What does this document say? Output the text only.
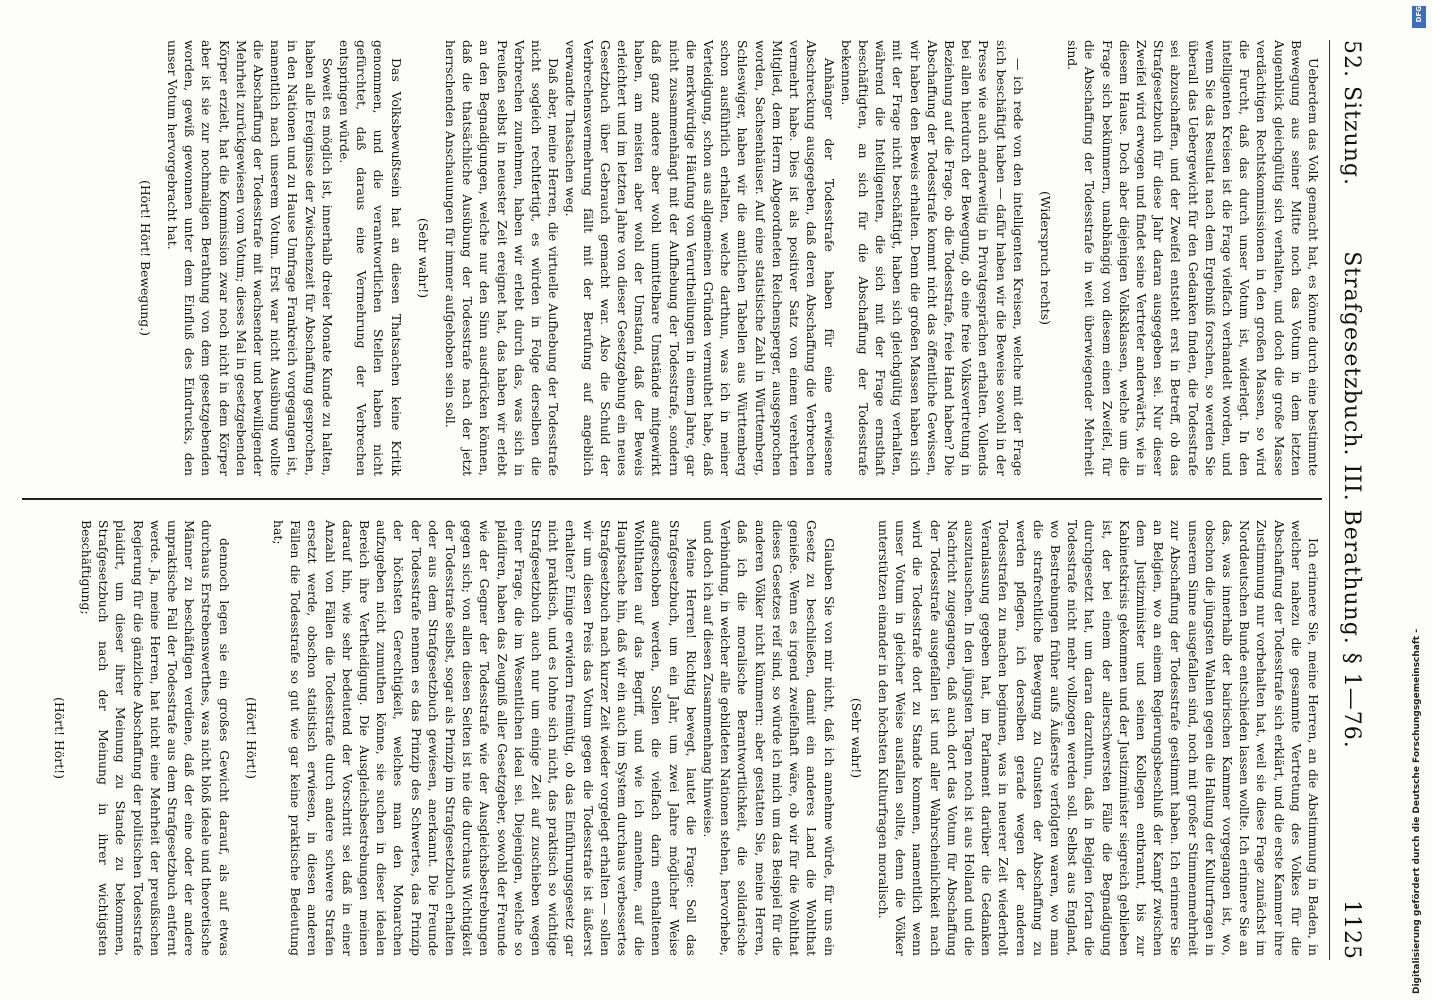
52. Sitzung.
Strafgesetzbuch. III. Berathung. § 1—76.
1125

Ueberdem das Volk gemacht hat, es könne durch eine bestimmte Bewegung aus seiner Mitte noch das Votum in dem letzten Augenblick gleichgültig sich verhalten, und doch die große Masse verdächtigen Rechtskommissionen in den großen Massen, so wird die Furcht, daß das durch unser Votum ist, widerlegt. In den intelligenten Kreisen ist die Frage vielfach verhandelt worden, und wenn Sie das Resultat nach dem Ergebniß forschen, so werden Sie überall das Uebergewicht für den Gedanken finden, die Todesstrafe sei abzuschaffen, und der Zweifel entsteht erst in Betreff, ob das Strafgesetzbuch für diese Jahr daran ausgegeben sei. Nur dieser Zweifel wird erwogen und findet seine Vertreter anderwärts, wie in diesem Hause. Doch aber diejenigen Volksklassen, welche um die Frage sich bekümmern, unabhängig von diesem einen Zweifel, für die Abschaffung der Todesstrafe in weit überwiegender Mehrheit sind.

(Widerspruch rechts)

— ich rede von den intelligenten Kreisen, welche mit der Frage sich beschäftigt haben — dafür haben wir die Beweise sowohl in der Presse wie auch anderweitig in Privatgesprächen erhalten. Vollends bei allen hierdurch der Bewegung, ob eine freie Volksvertretung in Beziehung auf die Frage, ob die Todesstrafe, freie Hand haben? Die Abschaffung der Todesstrafe kommt nicht das öffentliche Gewissen, wir haben den Beweis erhalten. Denn die großen Massen haben sich mit der Frage nicht beschäftigt, haben sich gleichgültig verhalten, während die Intelligenten, die sich mit der Frage ernsthaft beschäftigten, an sich für die Abschaffung der Todesstrafe bekennen.

Anhänger der Todesstrafe haben für eine erwiesene Abschreckung ausgegeben, daß deren Abschaffung die Verbrechen vermehrt habe. Dies ist als positiver Satz von einem verehrten Mitglied, dem Herrn Abgeordneten Reichensperger, ausgesprochen worden, Sachsenhäuser. Auf eine statistische Zahl in Württemberg, Schleswiger, haben wir die amtlichen Tabellen aus Württemberg schon ausführlich erhalten, welche darthun, was ich in meiner Verteidigung, schon aus allgemeinen Gründen vermuthet habe, daß die merkwürdige Häufung von Verurtheilungen in einem Jahre, gar nicht zusammenhängt mit der Aufhebung der Todesstrafe, sondern daß ganz andere aber wohl unmittelbare Umstände mitgewirkt haben, am meisten aber wohl der Umstand, daß der Beweis erleichtert und im letzten Jahre von dieser Gesetzgebung ein neues Gesetzbuch über Gebrauch gemacht war. Also die Schuld der Verbrechensvermehrung fällt mit der Berufung auf angeblich verwandte Thatsachen weg.

Daß aber, meine Herren, die virtuelle Aufhebung der Todesstrafe nicht sogleich rechtfertigt, es würden in Folge derselben die Verbrechen zunehmen, haben wir erlebt durch das, was sich in Preußen selbst in neuester Zeit ereignet hat, das haben wir erlebt an den Begnadigungen, welche nur den Sinn ausdrücken können, daß die thatsächliche Ausübung der Todesstrafe nach der jetzt herrschenden Anschauungen für immer aufgehoben sein soll.

(Sehr wahr!)

Das Volksbewußtsein hat an diesen Thatsachen keine Kritik genommen, und die verantwortlichen Stellen haben nicht gefürchtet, daß daraus eine Vermehrung der Verbrechen entspringen würde.

Soweit es möglich ist, innerhalb dreier Monate Kunde zu halten, haben alle Ereignisse der Zwischenzeit für Abschaffung gesprochen, in den Nationen und zu Hause Umfrage Frankreich vorgegangen ist, namentlich nach unserem Votum. Erst war nicht Ausübung wollte die Abschaffung der Todesstrafe mit wachsender und bewilligender Mehrheit zurückgewiesen vom Votum; dieses Mal in gesetzgebenden Körper erzielt, hat die Kommission zwar noch nicht in dem Körper aber ist sie zur nochmaligen Berathung von dem gesetzgebenden worden, gewiß gewonnen unter dem Einfluß des Eindrucks, den unser Votum hervorgebracht hat.

(Hört! Hört! Bewegung.)

Ich erinnere Sie, meine Herren, an die Abstimmung in Baden, in welcher nahezu die gesammte Vertretung des Volkes für die Abschaffung der Todesstrafe sich erklärt, und die erste Kammer ihre Zustimmung nur vorbehalten hat, weil sie diese Frage zunächst im Norddeutschen Bunde entschieden lassen wollte. Ich erinnere Sie an das, was innerhalb der bairischen Kammer vorgegangen ist, wo, obschon die jüngsten Wahlen gegen die Haltung der Kulturfragen in unserem Sinne ausgefallen sind, noch mit großer Stimmenmehrheit zur Abschaffung der Todesstrafe gestimmt haben. Ich erinnere Sie an Belgien, wo an einem Regierungsbeschluß der Kampf zwischen dem Justizminister und seinen Kollegen entbrannt, bis zur Kabinetskrisis gekommen und der Justizminister siegreich geblieben ist, der bei einem der allerschwersten Fälle die Begnadigung durchgesetzt hat, um daran darzuthun, daß in Belgien fortan die Todesstrafe nicht mehr vollzogen werden soll. Selbst aus England, wo Bestrebungen früher aufs Äußerste verfolgten waren, wo man die strafrechtliche Bewegung zu Gunsten der Abschaffung zu werden pflegen, ich derselben gerade wegen der anderen Todesstrafen zu machen beginnen, was in neuerer Zeit wiederholt Veranlassung gegeben hat, im Parlament darüber die Gedanken auszutauschen. In den jüngsten Tagen noch ist aus Holland und die Nachricht zugegangen, daß auch dort das Votum für Abschaffung der Todesstrafe ausgefallen ist und aller Wahrscheinlichkeit nach wird die Todesstrafe dort zu Stande kommen, namentlich wenn unser Votum in gleicher Weise ausfallen sollte, denn die Völker unterstützen einander in den höchsten Kulturfragen moralisch.

(Sehr wahr!)

Glauben Sie von mir nicht, daß ich annehme würde, für uns ein Gesetz zu beschließen, damit ein anderes Land die Wohlthat genieße. Wenn es irgend zweifelhaft wäre, ob wir für die Wohlthat dieses Gesetzes reif sind, so würde ich mich um das Beispiel für die anderen Völker nicht kümmern: aber gestatten Sie, meine Herren, daß ich die moralische Berantwortlichkeit, die solidarische Verbindung, in welcher alle gebildeten Nationen stehen, hervorhebe, und doch ich auf diesen Zusammenhang hinweise.

Meine Herren! Richtig bewegt, lautet die Frage: Soll das Strafgesetzbuch, um ein Jahr, um zwei Jahre möglicher Weise aufgeschoben werden, Sollen die vielfach darin enthaltenen Wohlthaten auf das Begriff, und wie ich annehme, auf die Hauptsache hin, daß wir ein auch im System durchaus verbessertes Strafgesetzbuch nach kurzer Zeit wieder vorgelegt erhalten — sollen wir um diesen Preis das Votum gegen die Todesstrafe ist äußerst erhalten? Einige erwidern freimütig, ob das Einführungsgesetz gar nicht praktisch, und es lohne sich nicht, das praktisch so wichtige Strafgesetzbuch auch nur um einige Zeit auf zuschieben wegen einer Frage, die im Wesentlichen ideal sei. Diejenigen, welche so plaidiren, haben das Zeugniß aller Gesetzgeber, sowohl der Freunde wie der Gegner der Todesstrafe wie der Ausgleichsbestrebungen gegen sich; von allen diesen Seiten ist nie die durchaus Wichtigkeit der Todesstrafe selbst, sogar als Prinzip im Strafgesetzbuch erhalten oder aus dem Strafgesetzbuch gewiesen, anerkannt. Die Freunde der Todesstrafe nennen es das Prinzip des Schwertes, das Prinzip der höchsten Gerechtigkeit, welches man den Monarchen aufzugeben nicht zumuthen könne, sie suchen in dieser idealen Bereich ihre Vertheidigung. Die Ausgleichsbestrebungen meinen darauf hin, wie sehr bedeutend der Vorschritt sei daß in einer Anzahl von Fällen die Todesstrafe durch andere schwere Strafen ersetzt werde, obschon statistisch erwiesen, in diesen anderen Fällen die Todesstrafe so gut wie gar keine praktische Bedeutung hat;

(Hört! Hört!)

dennoch legen sie ein großes Gewicht darauf, als auf etwas durchaus Erstrebenswerthes, was nicht bloß ideale und theoretische Männer zu beschäftigen verdiene, daß der eine oder der andere unpraktische Fall der Todesstrafe aus dem Strafgesetzbuch entfernt werde. Ja, meine Herren, hat nicht eine Mehrheit der preußischen Regierung für die gänzliche Abschaffung der politischen Todesstrafe plaidirt, um dieser ihrer Meinung zu Stande zu bekommen, Strafgesetzbuch nach der Meinung in ihrer wichtigsten Beschäftigung;

(Hört! Hört!)	Digitalisierung gefördert durch die Deutsche Forschungsgemeinschaft -
DFG
